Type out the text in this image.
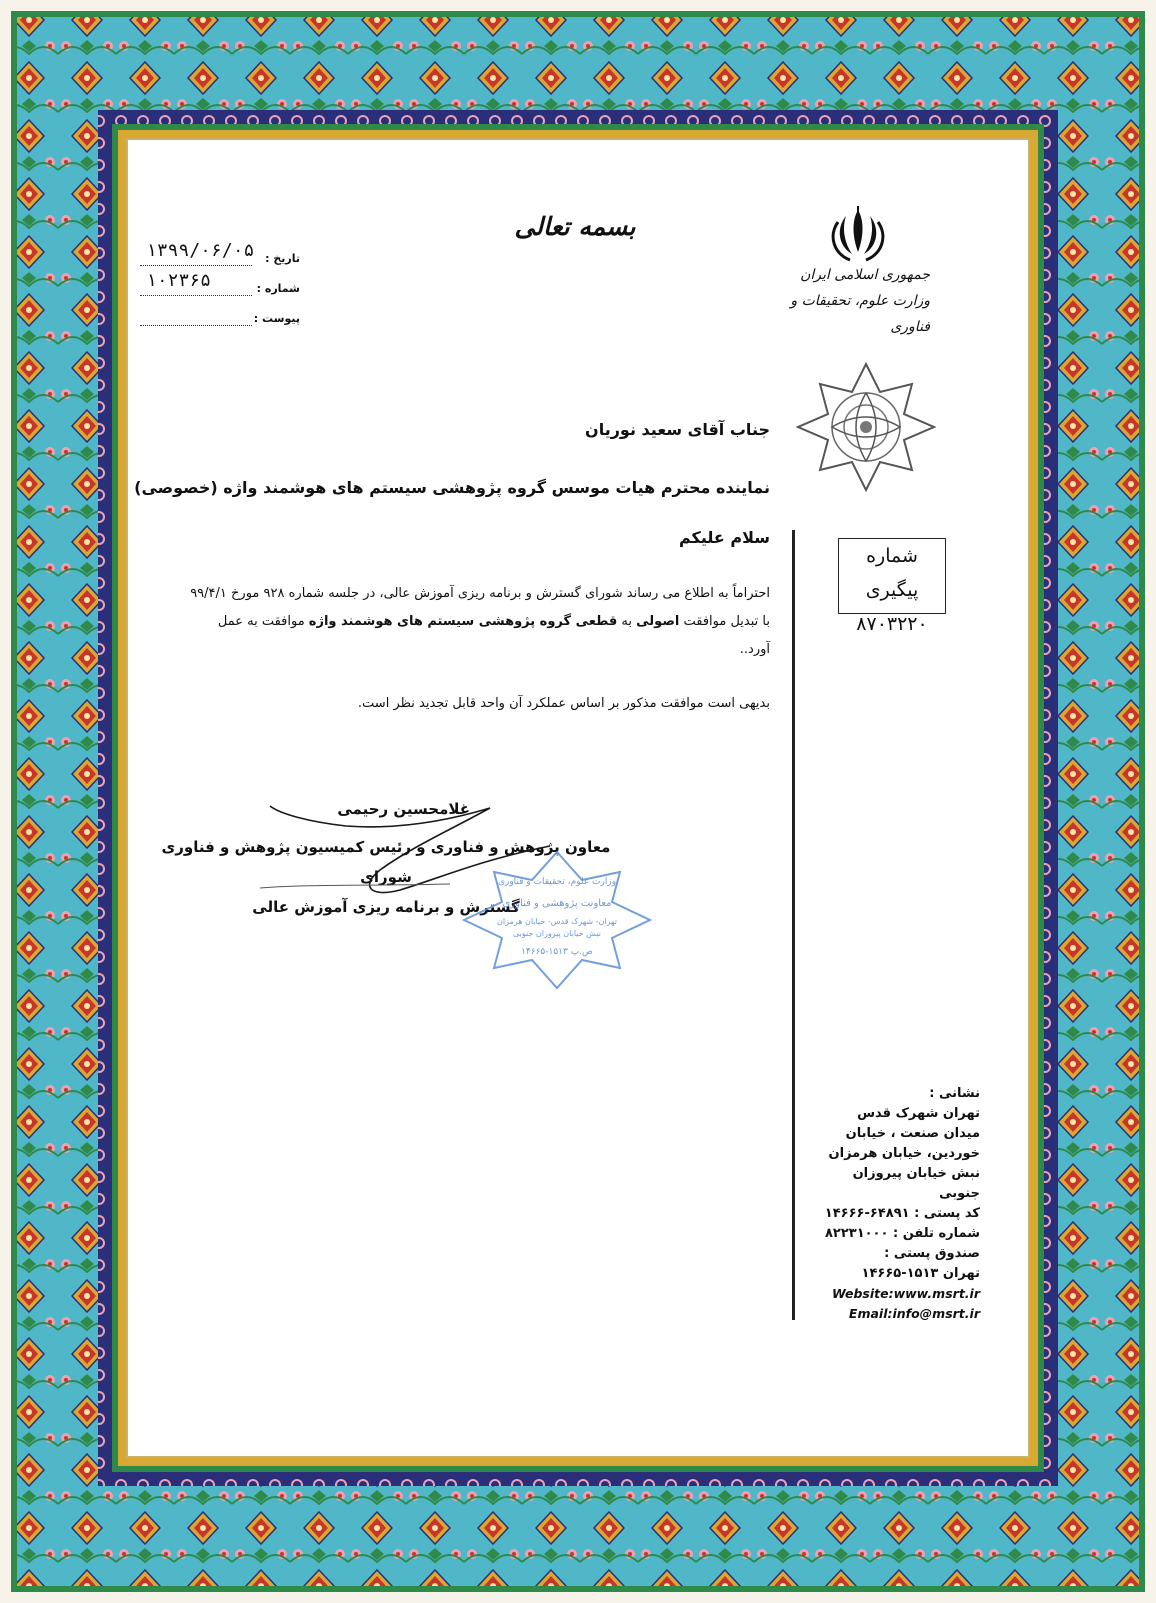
بسمه تعالی
جمهوری اسلامی ایران
وزارت علوم، تحقیقات و فناوری
تاریخ :
۱۳۹۹/۰۶/۰۵
شماره :
۱۰۲۳۶۵
پیوست :
شماره پیگیری
۸۷۰۳۲۲۰
جناب آقای سعید نوریان
نماینده محترم هیات موسس گروه پژوهشی سیستم های هوشمند واژه (خصوصی)
سلام علیکم
احتراماً به اطلاع می رساند شورای گسترش و برنامه ریزی آموزش عالی، در جلسه شماره ۹۲۸ مورخ ۹۹/۴/۱ با تبدیل موافقت اصولی به قطعی گروه پژوهشی سیستم های هوشمند واژه موافقت به عمل آورد..
بدیهی است موافقت مذکور بر اساس عملکرد آن واحد قابل تجدید نظر است.
غلامحسین رحیمی
معاون پژوهش و فناوری و رئیس کمیسیون پژوهش و فناوری شورای
گسترش و برنامه ریزی آموزش عالی
وزارت علوم، تحقیقات و فناوری
معاونت پژوهشی و فناوری
تهران- شهرک قدس- خیابان هرمزان
نبش خیابان پیروزان جنوبی
ص.پ ۱۵۱۳-۱۴۶۶۵
نشانی :
تهران شهرک قدس
میدان صنعت ، خیابان
خوردین، خیابان هرمزان
نبش خیابان پیروزان جنوبی
کد پستی : ۶۴۸۹۱-۱۴۶۶۶
شماره تلفن : ۸۲۲۳۱۰۰۰
صندوق پستی :
تهران ۱۵۱۳-۱۴۶۶۵
Website:www.msrt.ir
Email:info@msrt.ir
